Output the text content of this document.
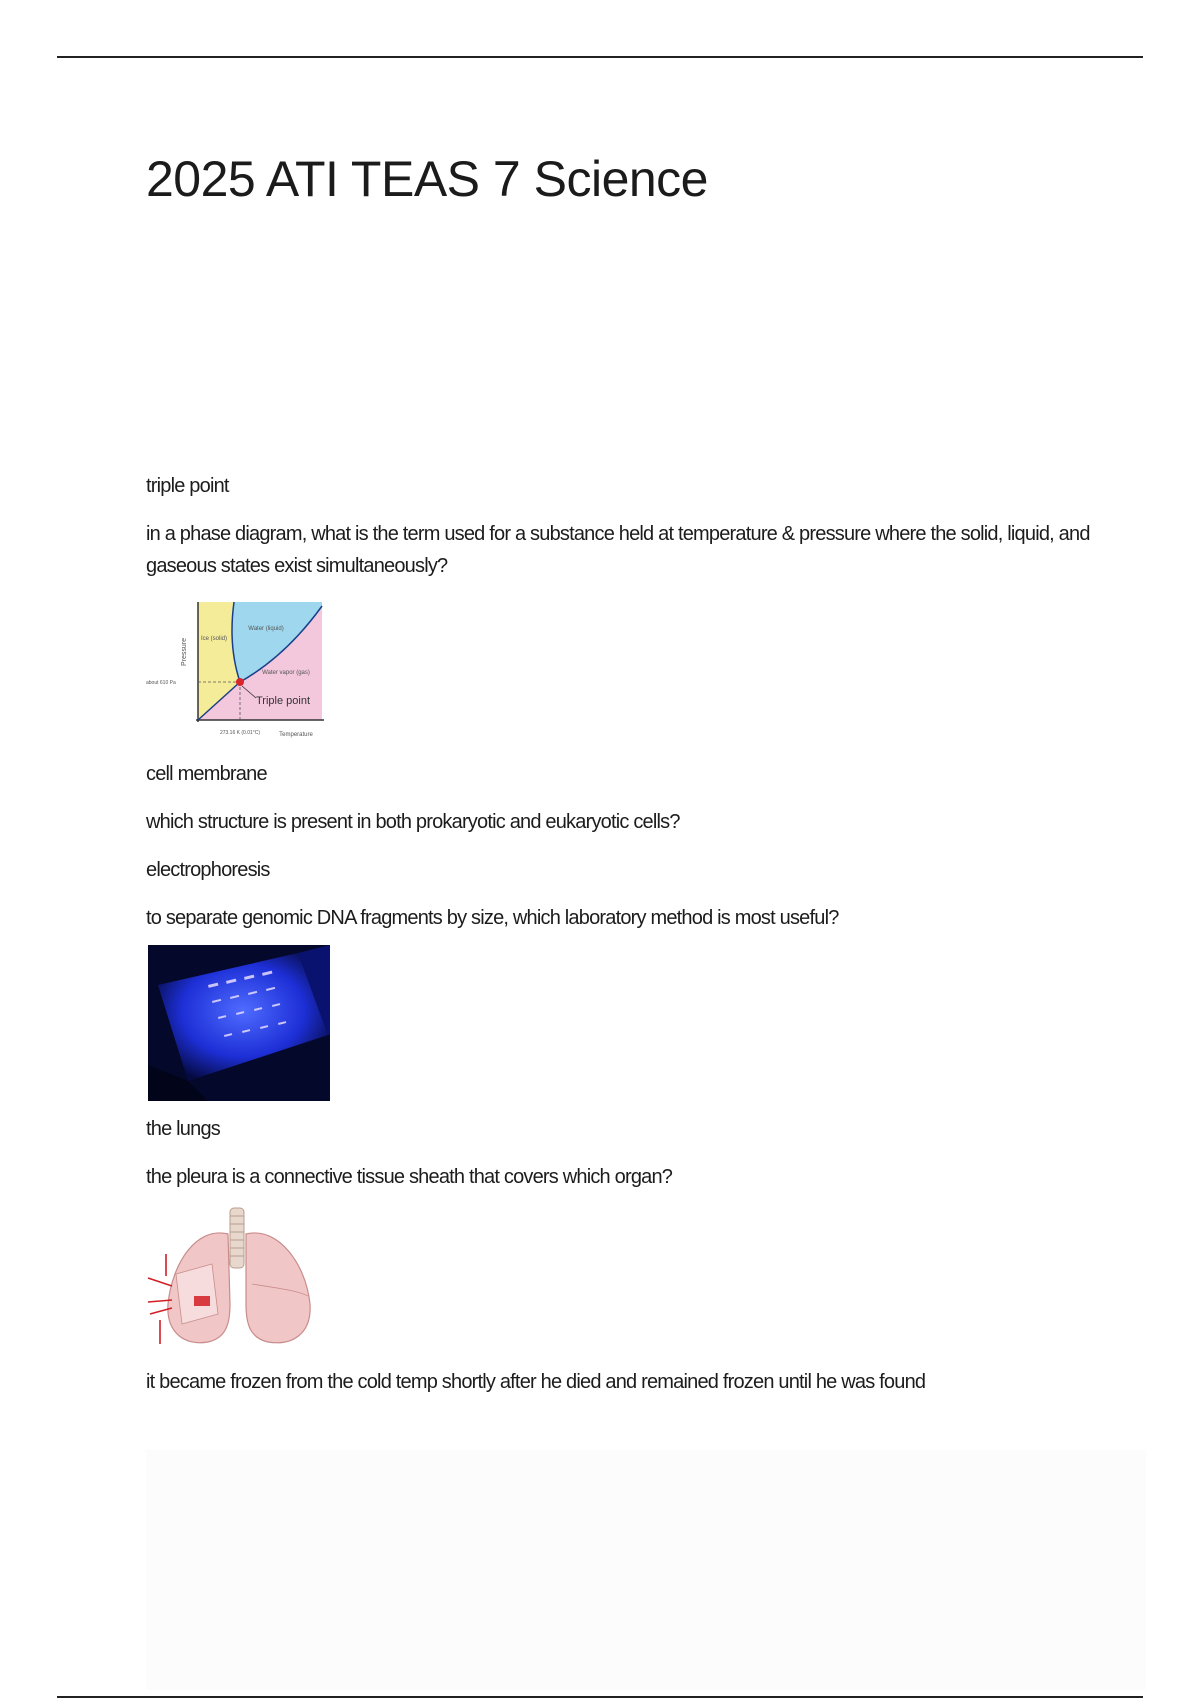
2025 ATI TEAS 7 Science

triple point

in a phase diagram, what is the term used for a substance held at temperature & pressure where the solid, liquid, and gaseous states exist simultaneously?

Pressure Ice (solid)
Water (liquid)
Water vapor (gas)
Triple point
about 610 Pa
273.16 K (0.01°C)	Temperature

cell membrane

which structure is present in both prokaryotic and eukaryotic cells?

electrophoresis

to separate genomic DNA fragments by size, which laboratory method is most useful?

the lungs

the pleura is a connective tissue sheath that covers which organ?

it became frozen from the cold temp shortly after he died and remained frozen until he was found
